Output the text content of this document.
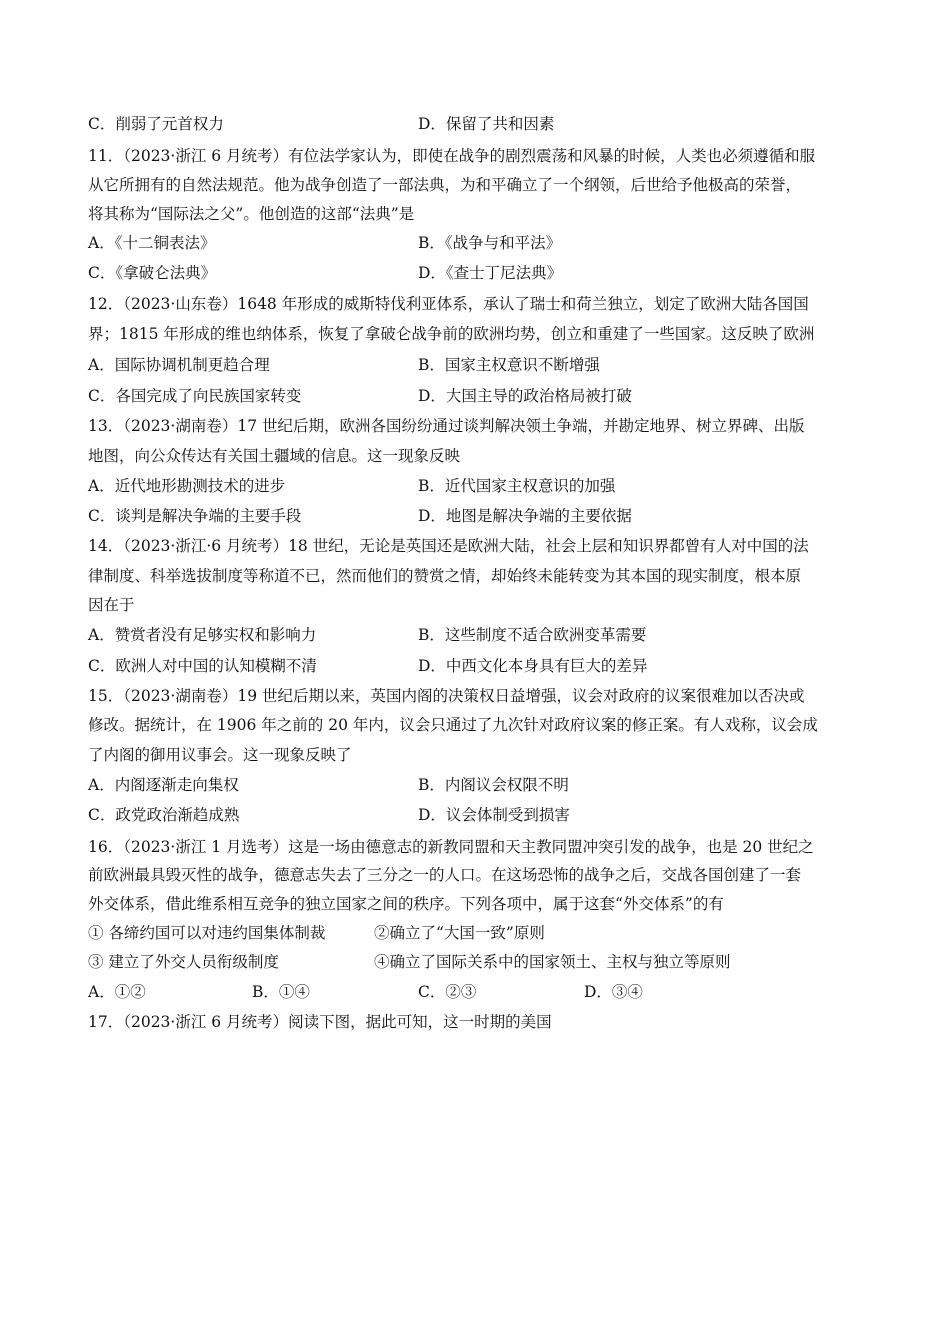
C．削弱了元首权力	D．保留了共和因素
11．（2023·浙江 6 月统考）有位法学家认为，即使在战争的剧烈震荡和风暴的时候，人类也必须遵循和服
从它所拥有的自然法规范。他为战争创造了一部法典，为和平确立了一个纲领，后世给予他极高的荣誉，
将其称为“国际法之父”。他创造的这部“法典”是
A．《十二铜表法》	B．《战争与和平法》
C．《拿破仑法典》	D．《查士丁尼法典》
12．（2023·山东卷）1648 年形成的威斯特伐利亚体系，承认了瑞士和荷兰独立，划定了欧洲大陆各国国
界；1815 年形成的维也纳体系，恢复了拿破仑战争前的欧洲均势，创立和重建了一些国家。这反映了欧洲
A．国际协调机制更趋合理	B．国家主权意识不断增强
C．各国完成了向民族国家转变	D．大国主导的政治格局被打破
13．（2023·湖南卷）17 世纪后期，欧洲各国纷纷通过谈判解决领土争端，并勘定地界、树立界碑、出版
地图，向公众传达有关国土疆域的信息。这一现象反映
A．近代地形勘测技术的进步	B．近代国家主权意识的加强
C．谈判是解决争端的主要手段	D．地图是解决争端的主要依据
14．（2023·浙江·6 月统考）18 世纪，无论是英国还是欧洲大陆，社会上层和知识界都曾有人对中国的法
律制度、科举选拔制度等称道不已，然而他们的赞赏之情，却始终未能转变为其本国的现实制度，根本原
因在于
A．赞赏者没有足够实权和影响力	B．这些制度不适合欧洲变革需要
C．欧洲人对中国的认知模糊不清	D．中西文化本身具有巨大的差异
15．（2023·湖南卷）19 世纪后期以来，英国内阁的决策权日益增强，议会对政府的议案很难加以否决或
修改。据统计，在 1906 年之前的 20 年内，议会只通过了九次针对政府议案的修正案。有人戏称，议会成
了内阁的御用议事会。这一现象反映了
A．内阁逐渐走向集权	B．内阁议会权限不明
C．政党政治渐趋成熟	D．议会体制受到损害
16．（2023·浙江 1 月选考）这是一场由德意志的新教同盟和天主教同盟冲突引发的战争，也是 20 世纪之
前欧洲最具毁灭性的战争，德意志失去了三分之一的人口。在这场恐怖的战争之后，交战各国创建了一套
外交体系，借此维系相互竞争的独立国家之间的秩序。下列各项中，属于这套“外交体系”的有
① 各缔约国可以对违约国集体制裁	②确立了“大国一致”原则
③ 建立了外交人员衔级制度	④确立了国际关系中的国家领土、主权与独立等原则
A．①②	B．①④	C．②③	D．③④
17．（2023·浙江 6 月统考）阅读下图，据此可知，这一时期的美国
